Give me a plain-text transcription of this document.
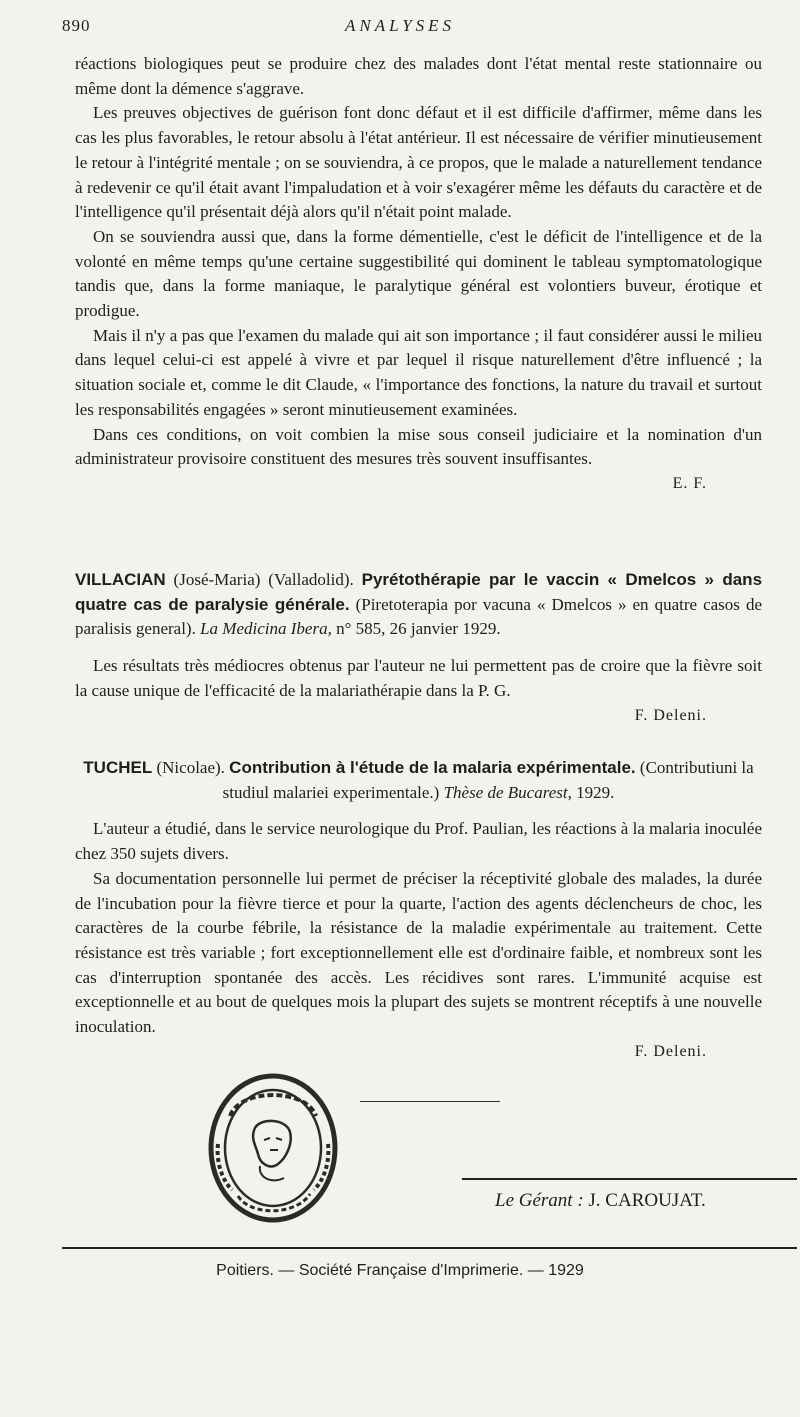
890	ANALYSES

réactions biologiques peut se produire chez des malades dont l'état mental reste stationnaire ou même dont la démence s'aggrave.

Les preuves objectives de guérison font donc défaut et il est difficile d'affirmer, même dans les cas les plus favorables, le retour absolu à l'état antérieur. Il est nécessaire de vérifier minutieusement le retour à l'intégrité mentale ; on se souviendra, à ce propos, que le malade a naturellement tendance à redevenir ce qu'il était avant l'impaludation et à voir s'exagérer même les défauts du caractère et de l'intelligence qu'il présentait déjà alors qu'il n'était point malade.

On se souviendra aussi que, dans la forme démentielle, c'est le déficit de l'intelligence et de la volonté en même temps qu'une certaine suggestibilité qui dominent le tableau symptomatologique tandis que, dans la forme maniaque, le paralytique général est volontiers buveur, érotique et prodigue.

Mais il n'y a pas que l'examen du malade qui ait son importance ; il faut considérer aussi le milieu dans lequel celui-ci est appelé à vivre et par lequel il risque naturellement d'être influencé ; la situation sociale et, comme le dit Claude, « l'importance des fonctions, la nature du travail et surtout les responsabilités engagées » seront minutieusement examinées.

Dans ces conditions, on voit combien la mise sous conseil judiciaire et la nomination d'un administrateur provisoire constituent des mesures très souvent insuffisantes.

E. F.
VILLACIAN (José-Maria) (Valladolid). Pyrétothérapie par le vaccin « Dmelcos » dans quatre cas de paralysie générale. (Piretoterapia por vacuna « Dmelcos » en quatre casos de paralisis general). La Medicina Ibera, n° 585, 26 janvier 1929.

Les résultats très médiocres obtenus par l'auteur ne lui permettent pas de croire que la fièvre soit la cause unique de l'efficacité de la malariathérapie dans la P. G.

F. Deleni.
TUCHEL (Nicolae). Contribution à l'étude de la malaria expérimentale. (Contributiuni la studiul malariei experimentale.) Thèse de Bucarest, 1929.

L'auteur a étudié, dans le service neurologique du Prof. Paulian, les réactions à la malaria inoculée chez 350 sujets divers.

Sa documentation personnelle lui permet de préciser la réceptivité globale des malades, la durée de l'incubation pour la fièvre tierce et pour la quarte, l'action des agents déclencheurs de choc, les caractères de la courbe fébrile, la résistance de la maladie expérimentale au traitement. Cette résistance est très variable ; fort exceptionnellement elle est d'ordinaire faible, et nombreux sont les cas d'interruption spontanée des accès. Les récidives sont rares. L'immunité acquise est exceptionnelle et au bout de quelques mois la plupart des sujets se montrent réceptifs à une nouvelle inoculation.

F. Deleni.
Le Gérant : J. CAROUJAT.
Poitiers. — Société Française d'Imprimerie. — 1929
